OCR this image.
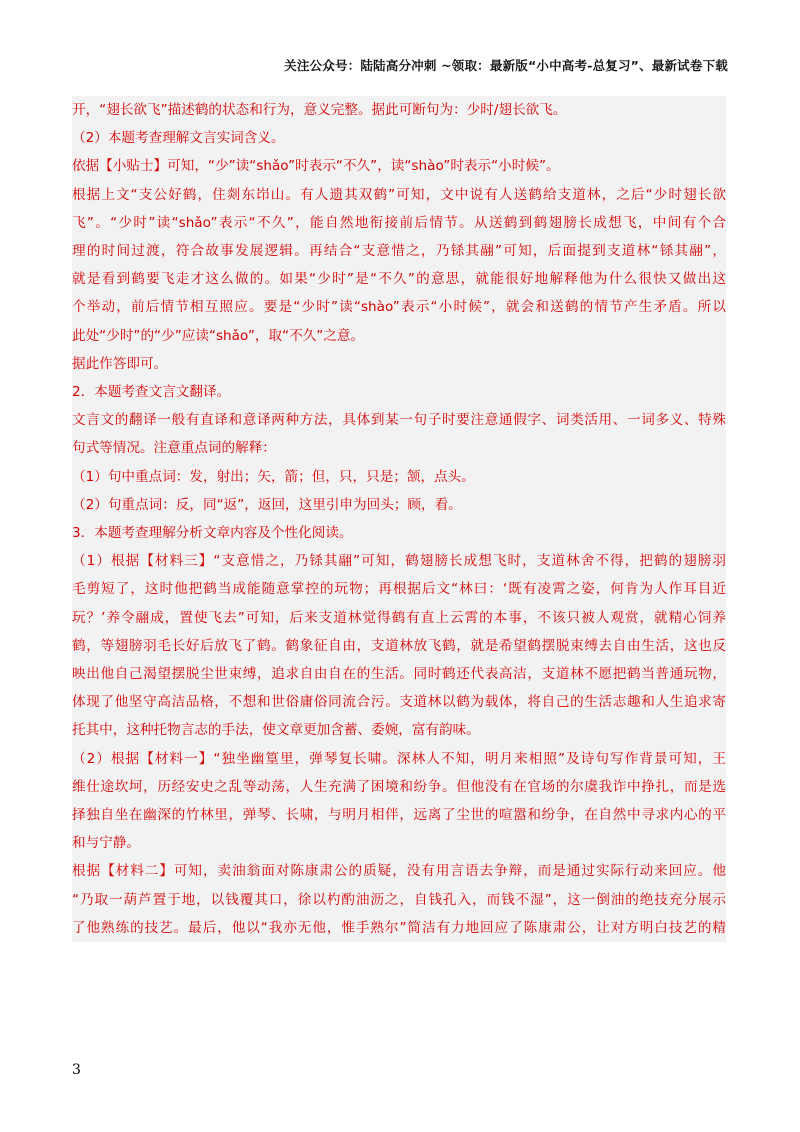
关注公众号：陆陆高分冲刺 ~领取：最新版“小中高考-总复习”、最新试卷下载
开，“翅长欲飞”描述鹤的状态和行为，意义完整。据此可断句为：少时/翅长欲飞。
（2）本题考查理解文言实词含义。
依据【小贴士】可知，“少”读“shǎo”时表示“不久”，读“shào”时表示“小时候”。
根据上文“支公好鹤，住剡东岇山。有人遗其双鹤”可知，文中说有人送鹤给支道林，之后“少时翅长欲
飞”。“少时”读“shǎo”表示“不久”，能自然地衔接前后情节。从送鹤到鹤翅膀长成想飞，中间有个合
理的时间过渡，符合故事发展逻辑。再结合“支意惜之，乃铩其翮”可知，后面提到支道林“铩其翮”，
就是看到鹤要飞走才这么做的。如果“少时”是“不久”的意思，就能很好地解释他为什么很快又做出这
个举动，前后情节相互照应。要是“少时”读“shào”表示“小时候”，就会和送鹤的情节产生矛盾。所以
此处“少时”的“少”应读“shǎo”，取“不久”之意。
据此作答即可。
2．本题考查文言文翻译。
文言文的翻译一般有直译和意译两种方法，具体到某一句子时要注意通假字、词类活用、一词多义、特殊
句式等情况。注意重点词的解释：
（1）句中重点词：发，射出；矢，箭；但，只，只是；颔，点头。
（2）句重点词：反，同“返”，返回，这里引申为回头；顾，看。
3．本题考查理解分析文章内容及个性化阅读。
（1）根据【材料三】“支意惜之，乃铩其翮”可知，鹤翅膀长成想飞时，支道林舍不得，把鹤的翅膀羽
毛剪短了，这时他把鹤当成能随意掌控的玩物；再根据后文“林曰：‘既有凌霄之姿，何肯为人作耳目近
玩？’养令翮成，置使飞去”可知，后来支道林觉得鹤有直上云霄的本事，不该只被人观赏，就精心饲养
鹤，等翅膀羽毛长好后放飞了鹤。鹤象征自由，支道林放飞鹤，就是希望鹤摆脱束缚去自由生活，这也反
映出他自己渴望摆脱尘世束缚，追求自由自在的生活。同时鹤还代表高洁，支道林不愿把鹤当普通玩物，
体现了他坚守高洁品格，不想和世俗庸俗同流合污。支道林以鹤为载体，将自己的生活志趣和人生追求寄
托其中，这种托物言志的手法，使文章更加含蓄、委婉，富有韵味。
（2）根据【材料一】“独坐幽篁里，弹琴复长啸。深林人不知，明月来相照”及诗句写作背景可知，王
维仕途坎坷，历经安史之乱等动荡，人生充满了困境和纷争。但他没有在官场的尔虞我诈中挣扎，而是选
择独自坐在幽深的竹林里，弹琴、长啸，与明月相伴，远离了尘世的喧嚣和纷争，在自然中寻求内心的平
和与宁静。
根据【材料二】可知，卖油翁面对陈康肃公的质疑，没有用言语去争辩，而是通过实际行动来回应。他
“乃取一葫芦置于地，以钱覆其口，徐以杓酌油沥之，自钱孔入，而钱不湿”，这一倒油的绝技充分展示
了他熟练的技艺。最后，他以“我亦无他，惟手熟尔”简洁有力地回应了陈康肃公，让对方明白技艺的精
3
